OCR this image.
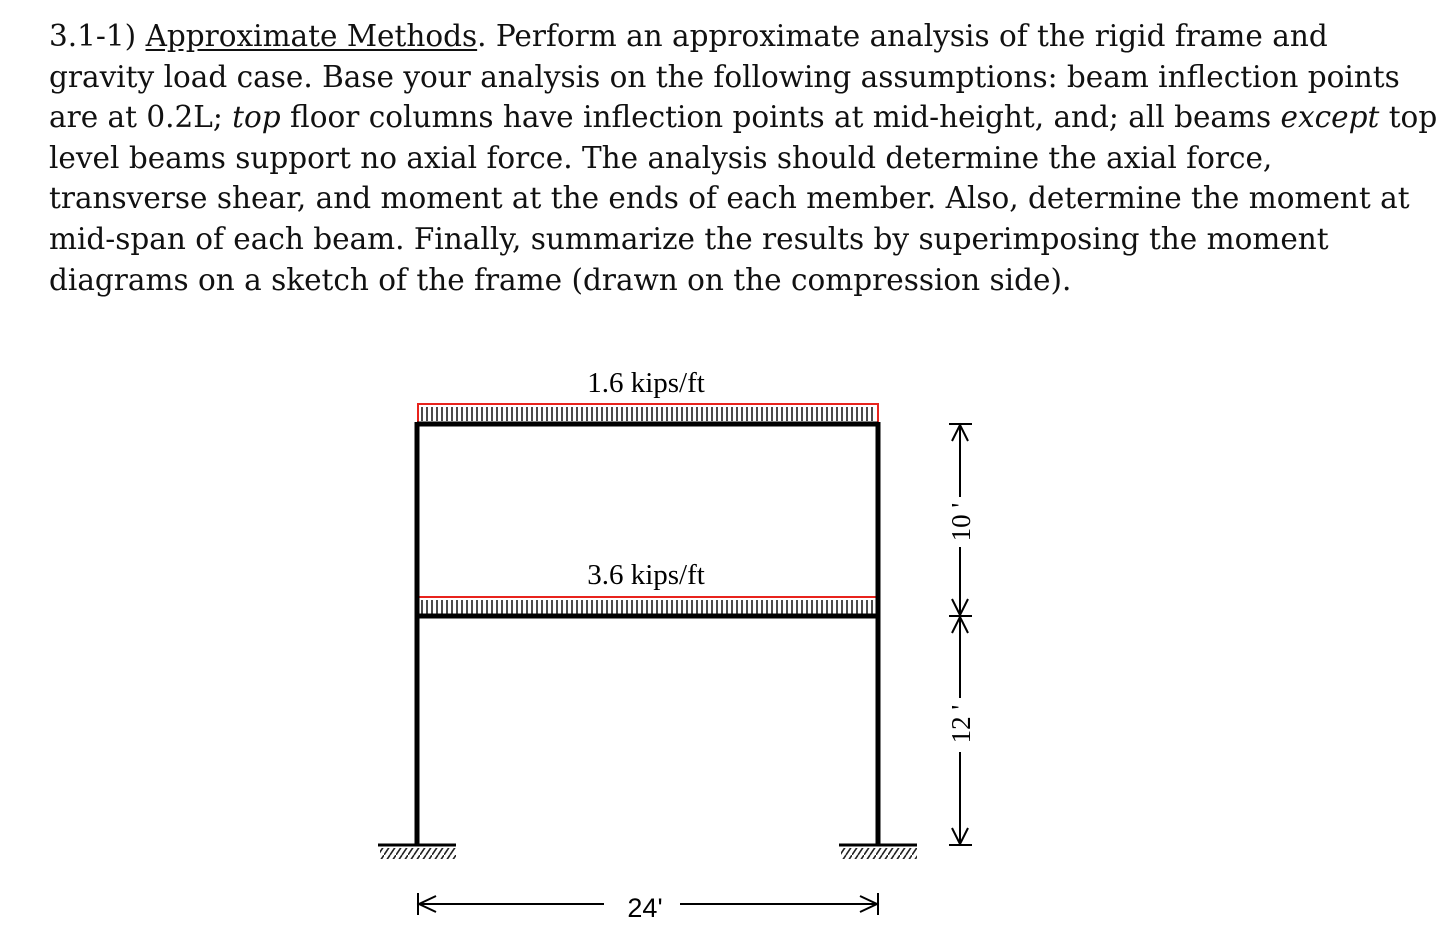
3.1-1) Approximate Methods. Perform an approximate analysis of the rigid frame and
gravity load case. Base your analysis on the following assumptions: beam inflection points
are at 0.2L; top floor columns have inflection points at mid-height, and; all beams except top
level beams support no axial force. The analysis should determine the axial force,
transverse shear, and moment at the ends of each member. Also, determine the moment at
mid-span of each beam. Finally, summarize the results by superimposing the moment
diagrams on a sketch of the frame (drawn on the compression side).
1.6 kips/ft
3.6 kips/ft
24'
10 '
12 '
